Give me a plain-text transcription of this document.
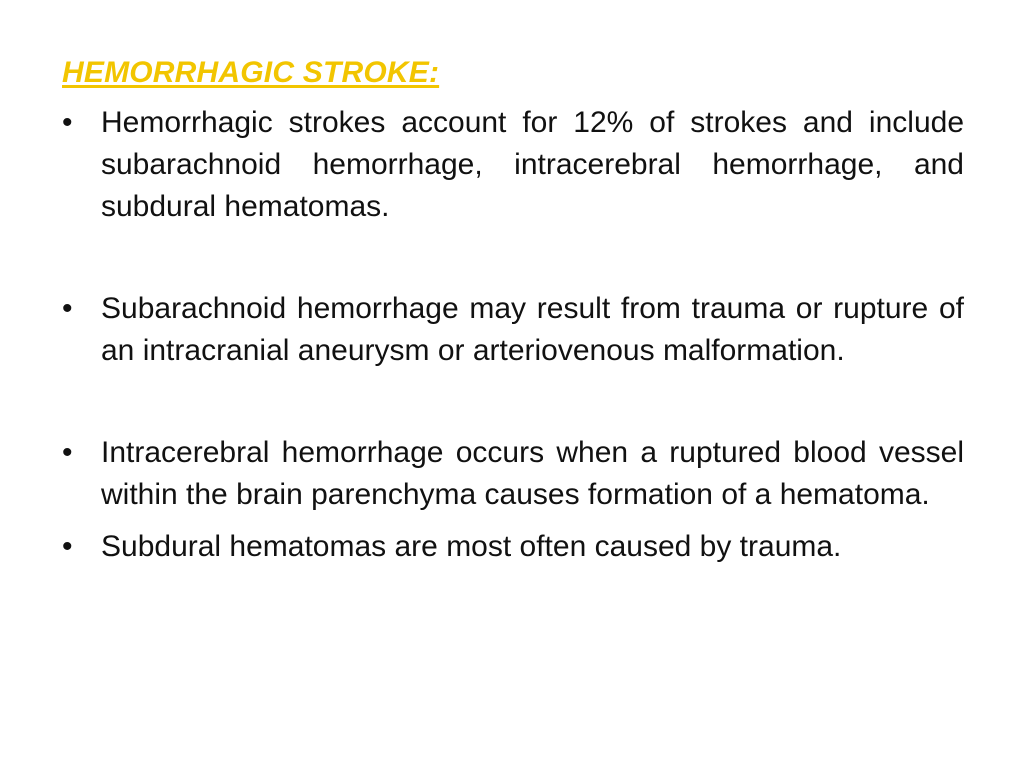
HEMORRHAGIC STROKE:
• Hemorrhagic strokes account for 12% of strokes and include subarachnoid hemorrhage, intracerebral hemorrhage, and subdural hematomas.
• Subarachnoid hemorrhage may result from trauma or rupture of an intracranial aneurysm or arteriovenous malformation.
• Intracerebral hemorrhage occurs when a ruptured blood vessel within the brain parenchyma causes formation of a hematoma.
• Subdural hematomas are most often caused by trauma.
